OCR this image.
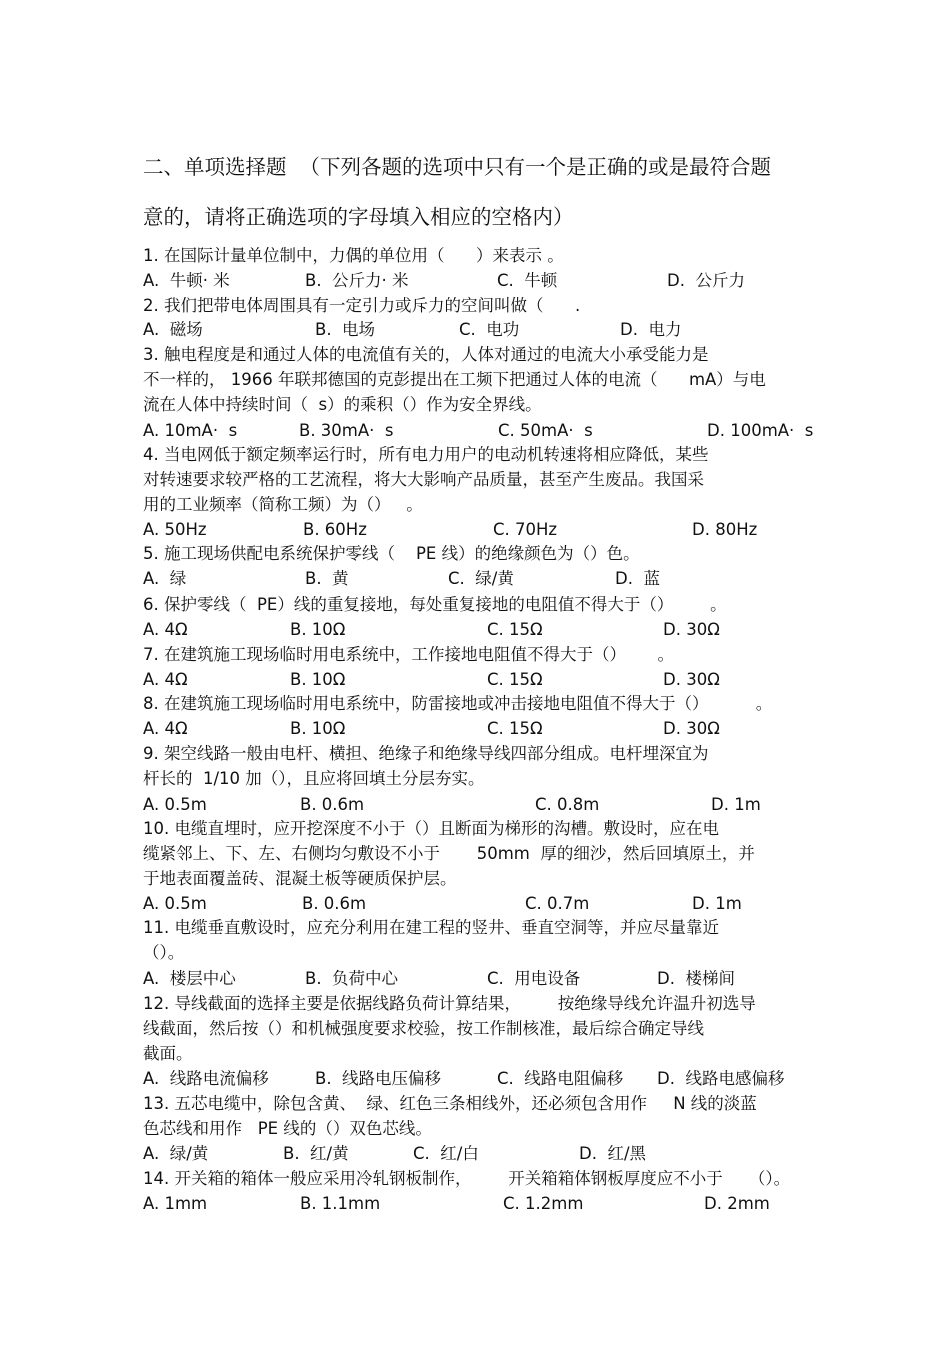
二、单项选择题  （下列各题的选项中只有一个是正确的或是最符合题
意的，请将正确选项的字母填入相应的空格内）
1. 在国际计量单位制中，力偶的单位用（      ）来表示 。
A.  牛顿· 米	B.  公斤力· 米	C.  牛顿	D.  公斤力
2. 我们把带电体周围具有一定引力或斥力的空间叫做（      .
A.  磁场	B.  电场	C.  电功	D.  电力
3. 触电程度是和通过人体的电流值有关的，人体对通过的电流大小承受能力是
不一样的， 1966 年联邦德国的克彭提出在工频下把通过人体的电流（      mA）与电
流在人体中持续时间（  s）的乘积（）作为安全界线。
A. 10mA·  s	B. 30mA·  s	C. 50mA·  s	D. 100mA·  s
4. 当电网低于额定频率运行时，所有电力用户的电动机转速将相应降低，某些
对转速要求较严格的工艺流程，将大大影响产品质量，甚至产生废品。我国采
用的工业频率（简称工频）为（）   。
A. 50Hz	B. 60Hz	C. 70Hz	D. 80Hz
5. 施工现场供配电系统保护零线（    PE 线）的绝缘颜色为（）色。
A.  绿	B.  黄	C.  绿/黄	D.  蓝
6. 保护零线（  PE）线的重复接地，每处重复接地的电阻值不得大于（）       。
A. 4Ω	B. 10Ω	C. 15Ω	D. 30Ω
7. 在建筑施工现场临时用电系统中，工作接地电阻值不得大于（）      。
A. 4Ω	B. 10Ω	C. 15Ω	D. 30Ω
8. 在建筑施工现场临时用电系统中，防雷接地或冲击接地电阻值不得大于（）         。
A. 4Ω	B. 10Ω	C. 15Ω	D. 30Ω
9. 架空线路一般由电杆、横担、绝缘子和绝缘导线四部分组成。电杆埋深宜为
杆长的  1/10 加（），且应将回填土分层夯实。
A. 0.5m	B. 0.6m	C. 0.8m	D. 1m
10. 电缆直埋时，应开挖深度不小于（）且断面为梯形的沟槽。敷设时，应在电
缆紧邻上、下、左、右侧均匀敷设不小于       50mm  厚的细沙，然后回填原土，并
于地表面覆盖砖、混凝土板等硬质保护层。
A. 0.5m	B. 0.6m	C. 0.7m	D. 1m
11. 电缆垂直敷设时，应充分利用在建工程的竖井、垂直空洞等，并应尽量靠近
（）。
A.  楼层中心	B.  负荷中心	C.  用电设备	D.  楼梯间
12. 导线截面的选择主要是依据线路负荷计算结果，       按绝缘导线允许温升初选导
线截面，然后按（）和机械强度要求校验，按工作制核准，最后综合确定导线
截面。
A.  线路电流偏移	B.  线路电压偏移	C.  线路电阻偏移 D.  线路电感偏移
13. 五芯电缆中，除包含黄、  绿、红色三条相线外，还必须包含用作     N 线的淡蓝
色芯线和用作   PE 线的（）双色芯线。
A.  绿/黄	B.  红/黄	C.  红/白	D.  红/黑
14. 开关箱的箱体一般应采用冷轧钢板制作，       开关箱箱体钢板厚度应不小于     （）。
A. 1mm	B. 1.1mm	C. 1.2mm	D. 2mm
